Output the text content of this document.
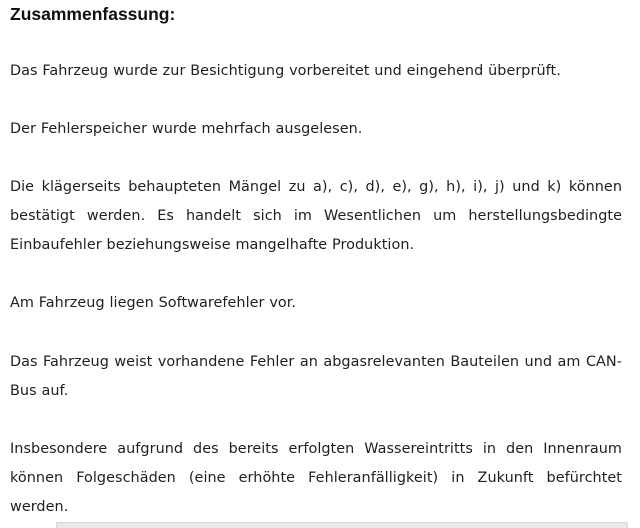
Zusammenfassung:

Das Fahrzeug wurde zur Besichtigung vorbereitet und eingehend überprüft.

Der Fehlerspeicher wurde mehrfach ausgelesen.

Die klägerseits behaupteten Mängel zu a), c), d), e), g), h), i), j) und k) können bestätigt werden. Es handelt sich im Wesentlichen um herstellungsbedingte Einbaufehler beziehungsweise mangelhafte Produktion.

Am Fahrzeug liegen Softwarefehler vor.

Das Fahrzeug weist vorhandene Fehler an abgasrelevanten Bauteilen und am CAN-Bus auf.

Insbesondere aufgrund des bereits erfolgten Wassereintritts in den Innenraum können Folgeschäden (eine erhöhte Fehleranfälligkeit) in Zukunft befürchtet werden.
